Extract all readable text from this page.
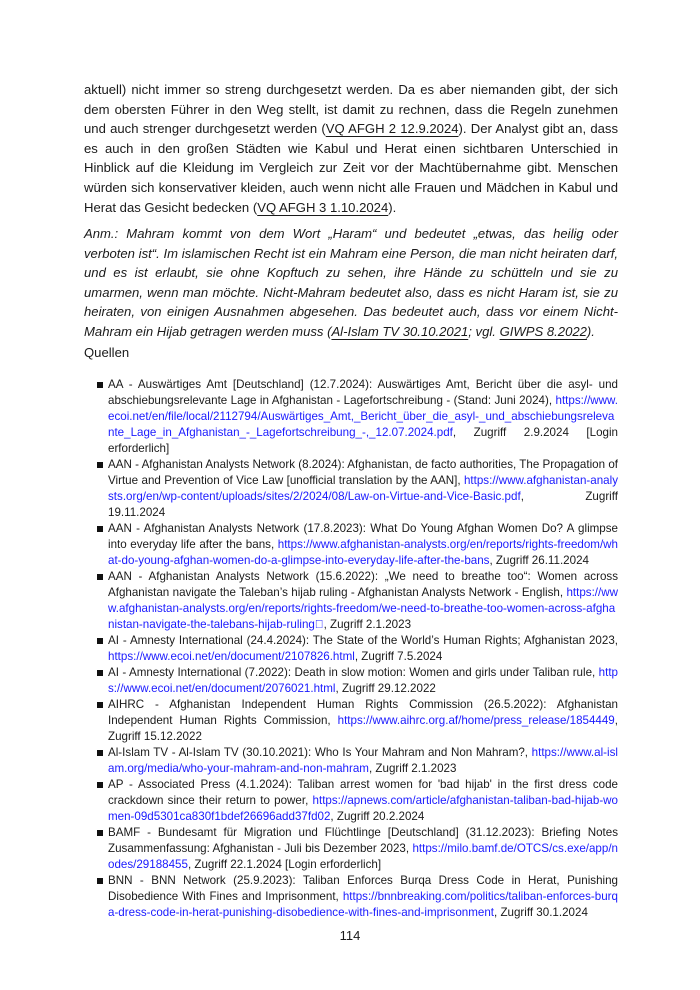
aktuell) nicht immer so streng durchgesetzt werden. Da es aber niemanden gibt, der sich dem obersten Führer in den Weg stellt, ist damit zu rechnen, dass die Regeln zunehmen und auch strenger durchgesetzt werden (VQ AFGH 2 12.9.2024). Der Analyst gibt an, dass es auch in den großen Städten wie Kabul und Herat einen sichtbaren Unterschied in Hinblick auf die Kleidung im Vergleich zur Zeit vor der Machtübernahme gibt. Menschen würden sich konservativer kleiden, auch wenn nicht alle Frauen und Mädchen in Kabul und Herat das Gesicht bedecken (VQ AFGH 3 1.10.2024).

Anm.: Mahram kommt von dem Wort „Haram“ und bedeutet „etwas, das heilig oder verboten ist“. Im islamischen Recht ist ein Mahram eine Person, die man nicht heiraten darf, und es ist erlaubt, sie ohne Kopftuch zu sehen, ihre Hände zu schütteln und sie zu umarmen, wenn man möchte. Nicht-Mahram bedeutet also, dass es nicht Haram ist, sie zu heiraten, von einigen Ausnahmen abgesehen. Das bedeutet auch, dass vor einem Nicht-Mahram ein Hijab getragen werden muss (Al-Islam TV 30.10.2021; vgl. GIWPS 8.2022).

Quellen

AA - Auswärtiges Amt [Deutschland] (12.7.2024): Auswärtiges Amt, Bericht über die asyl- und abschiebungsrelevante Lage in Afghanistan - Lagefortschreibung - (Stand: Juni 2024), https://www.ecoi.net/en/file/local/2112794/Auswärtiges_Amt,_Bericht_über_die_asyl-_und_abschiebungsrelevante_Lage_in_Afghanistan_-_Lagefortschreibung_-,_12.07.2024.pdf, Zugriff 2.9.2024 [Login erforderlich]
AAN - Afghanistan Analysts Network (8.2024): Afghanistan, de facto authorities, The Propagation of Virtue and Prevention of Vice Law [unofficial translation by the AAN], https://www.afghanistan-analysts.org/en/wp-content/uploads/sites/2/2024/08/Law-on-Virtue-and-Vice-Basic.pdf, Zugriff 19.11.2024
AAN - Afghanistan Analysts Network (17.8.2023): What Do Young Afghan Women Do? A glimpse into everyday life after the bans, https://www.afghanistan-analysts.org/en/reports/rights-freedom/what-do-young-afghan-women-do-a-glimpse-into-everyday-life-after-the-bans, Zugriff 26.11.2024
AAN - Afghanistan Analysts Network (15.6.2022): „We need to breathe too“: Women across Afghanistan navigate the Taleban’s hijab ruling - Afghanistan Analysts Network - English, https://www.afghanistan-analysts.org/en/reports/rights-freedom/we-need-to-breathe-too-women-across-afghanistan-navigate-the-talebans-hijab-ruling⃞, Zugriff 2.1.2023
AI - Amnesty International (24.4.2024): The State of the World’s Human Rights; Afghanistan 2023, https://www.ecoi.net/en/document/2107826.html, Zugriff 7.5.2024
AI - Amnesty International (7.2022): Death in slow motion: Women and girls under Taliban rule, https://www.ecoi.net/en/document/2076021.html, Zugriff 29.12.2022
AIHRC - Afghanistan Independent Human Rights Commission (26.5.2022): Afghanistan Independent Human Rights Commission, https://www.aihrc.org.af/home/press_release/1854449, Zugriff 15.12.2022
Al-Islam TV - Al-Islam TV (30.10.2021): Who Is Your Mahram and Non Mahram?, https://www.al-islam.org/media/who-your-mahram-and-non-mahram, Zugriff 2.1.2023
AP - Associated Press (4.1.2024): Taliban arrest women for 'bad hijab' in the first dress code crackdown since their return to power, https://apnews.com/article/afghanistan-taliban-bad-hijab-women-09d5301ca830f1bdef26696add37fd02, Zugriff 20.2.2024
BAMF - Bundesamt für Migration und Flüchtlinge [Deutschland] (31.12.2023): Briefing Notes Zusammenfassung: Afghanistan - Juli bis Dezember 2023, https://milo.bamf.de/OTCS/cs.exe/app/nodes/29188455, Zugriff 22.1.2024 [Login erforderlich]
BNN - BNN Network (25.9.2023): Taliban Enforces Burqa Dress Code in Herat, Punishing Disobedience With Fines and Imprisonment, https://bnnbreaking.com/politics/taliban-enforces-burqa-dress-code-in-herat-punishing-disobedience-with-fines-and-imprisonment, Zugriff 30.1.2024
114
